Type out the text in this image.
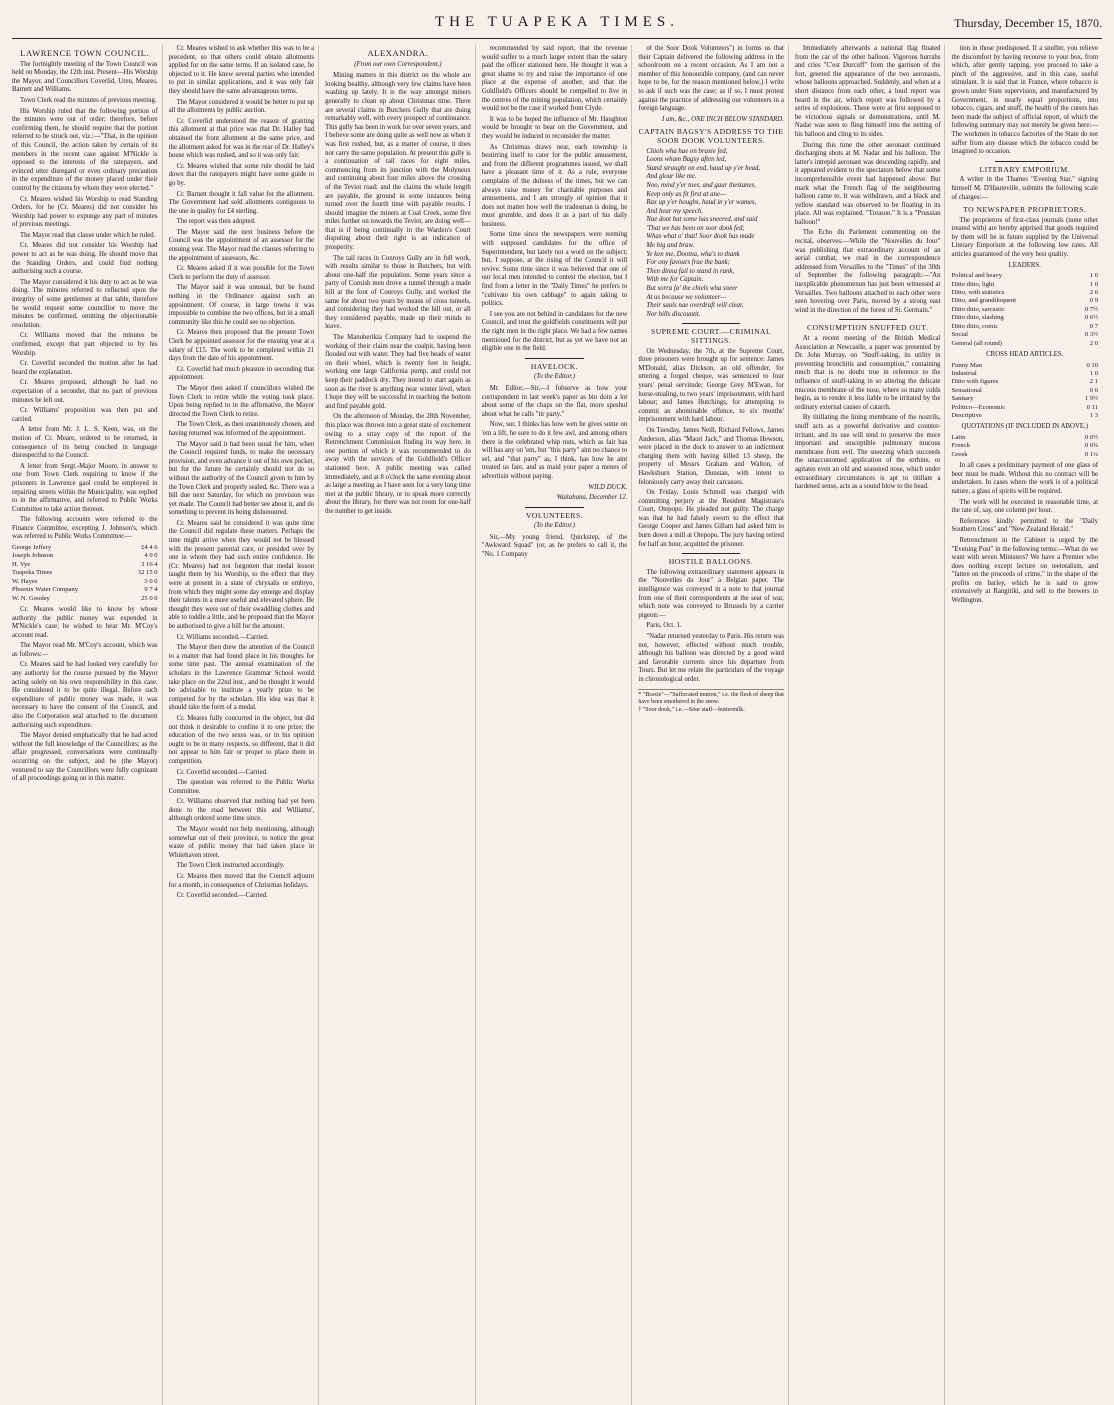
THE TUAPEKA TIMES.	Thursday, December 15, 1870.
LAWRENCE TOWN COUNCIL.

The fortnightly meeting of the Town Council was held on Monday, the 12th inst. Present—His Worship the Mayor, and Councillors Coverlid, Uren, Meares, Barnett and Williams.

Town Clerk read the minutes of previous meeting.

His Worship ruled that the following portion of the minutes were out of order; therefore, before confirming them, he should require that the portion referred to be struck out, viz.:—"That, in the opinion of this Council, the action taken by certain of its members in the recent case against M'Nickle is opposed to the interests of the ratepayers, and evinced utter disregard or even ordinary precaution in the expenditure of the money placed under their control by the citizens by whom they were elected."

Cr. Meares wished his Worship to read Standing Orders, for he (Cr. Meares) did not consider his Worship had power to expunge any part of minutes of previous meetings.

The Mayor read that clause under which he ruled.

Cr. Meares did not consider his Worship had power to act as he was doing. He should move that the Standing Orders, and could find nothing authorising such a course.

The Mayor considered it his duty to act as he was doing. The minutes referred to reflected upon the integrity of some gentlemen at that table, therefore he would request some councillor to move the minutes be confirmed, omitting the objectionable resolution.

Cr. Williams moved that the minutes be confirmed, except that part objected to by his Worship.

Cr. Coverlid seconded the motion after he had heard the explanation.

Cr. Meares proposed, although he had no expectation of a seconder, that no part of previous minutes be left out.

Cr. Williams' proposition was then put and carried.

A letter from Mr. J. L. S. Keen, was, on the motion of Cr. Meare, ordered to be returned, in consequence of its being couched in language disrespectful to the Council.

A letter from Sergt.-Major Moore, in answer to one from Town Clerk requiring to know if the prisoners in Lawrence gaol could be employed in repairing streets within the Municipality, was replied to in the affirmative, and referred to Public Works Committee to take action thereon.

The following accounts were referred to the Finance Committee, excepting J. Johnson's, which was referred to Public Works Committee:—

George Jeffery	£4 4 6
Joseph Johnson	4 0 0
H. Vye	3 16 4
Tuapeka Times	32 15 0
W. Hayes	3 0 0
Phoenix Water Company	9 7 4
W. N. Goodey	25 0 0

Cr. Meares would like to know by whose authority the public money was expended in M'Nickle's case; he wished to hear Mr. M'Coy's account read.

The Mayor read Mr. M'Coy's account, which was as follows:—

Cr. Meares said he had looked very carefully for any authority for the course pursued by the Mayor acting solely on his own responsibility in this case. He considered it to be quite illegal. Before such expenditure of public money was made, it was necessary to have the consent of the Council, and also the Corporation seal attached to the document authorising such expenditure.

The Mayor denied emphatically that he had acted without the full knowledge of the Councillors; as the affair progressed, conversations were continually occurring on the subject, and he (the Mayor) ventured to say the Councillors were fully cognizant of all proceedings going on in this matter.

Cr. Meares wished to ask whether this was to be a precedent, so that others could obtain allotments applied for on the same terms. If an isolated case, he objected to it. He knew several parties who intended to put in similar applications, and it was only fair they should have the same advantageous terms.

The Mayor considered it would be better to put up all the allotments by public auction.

Cr. Coverlid understood the reason of granting this allotment at that price was that Dr. Halley had obtained the front allotment at the same price, and the allotment asked for was in the rear of Dr. Halley's house which was rushed, and so it was only fair.

Cr. Meares wished that some rule should be laid down that the ratepayers might have some guide to go by.

Cr. Barnett thought it fall value for the allotment. The Government had sold allotments contiguous to the one in quality for £4 sterling.

The report was then adopted.

The Mayor said the next business before the Council was the appointment of an assessor for the ensuing year. The Mayor read the clauses referring to the appointment of assessors, &c.

Cr. Meares asked if it was possible for the Town Clerk to perform the duty of assessor.

The Mayor said it was unusual, but he found nothing in the Ordinance against such an appointment. Of course, in large towns it was impossible to combine the two offices, but in a small community like this he could see no objection.

Cr. Meares then proposed that the present Town Clerk be appointed assessor for the ensuing year at a salary of £15. The work to be completed within 21 days from the date of his appointment.

Cr. Coverlid had much pleasure in seconding that appointment.

The Mayor then asked if councillors wished the Town Clerk to retire while the voting took place. Upon being replied to in the affirmative, the Mayor directed the Town Clerk to retire.

The Town Clerk, as then unanimously chosen, and having returned was informed of the appointment.

The Mayor said it had been usual for him, when the Council required funds, to make the necessary provision, and even advance it out of his own pocket, but for the future he certainly should not do so without the authority of the Council given to him by the Town Clerk and properly sealed, &c. There was a bill due next Saturday, for which no provision was yet made. The Council had better see about it, and do something to prevent its being dishonoured.

Cr. Meares said he considered it was quite time the Council did regulate these matters. Perhaps the time might arrive when they would not be blessed with the present parental care, or presided over by one in whom they had such entire confidence. He (Cr. Meares) had not forgotten that medal lesson taught them by his Worship, to the effect that they were at present in a state of chrysalis or embryo, from which they might some day emerge and display their talents in a more useful and elevated sphere. He thought they were out of their swaddling clothes and able to toddle a little, and he proposed that the Mayor be authorised to give a bill for the amount.

Cr. Williams seconded.—Carried.

The Mayor then drew the attention of the Council to a matter that had found place in his thoughts for some time past. The annual examination of the scholars in the Lawrence Grammar School would take place on the 22nd inst., and he thought it would be advisable to institute a yearly prize to be competed for by the scholars. His idea was that it should take the form of a medal.

Cr. Meares fully concurred in the object, but did not think it desirable to confine it to one prize; the education of the two sexes was, or in his opinion ought to be in many respects, so different, that it did not appear to him fair or proper to place them in competition.

Cr. Coverlid seconded.—Carried.

The question was referred to the Public Works Committee.

Cr. Williams observed that nothing had yet been done to the road between this and Williams', although ordered some time since.

The Mayor would not help mentioning, although somewhat out of their province, to notice the great waste of public money that had taken place in Whitehaven street.

The Town Clerk instructed accordingly.

Cr. Meares then moved that the Council adjourn for a month, in consequence of Christmas holidays.

Cr. Coverlid seconded.—Carried.

ALEXANDRA.
(From our own Correspondent.)

Mining matters in this district on the whole are looking healthy, although very few claims have been washing up lately. It is the way amongst miners generally to clean up about Christmas time. There are several claims in Butchers Gully that are doing remarkably well, with every prospect of continuance. This gully has been in work for over seven years, and I believe some are doing quite as well now as when it was first rushed, but, as a matter of course, it does not carry the same population. At present this gully is a continuation of tail races for eight miles, commencing from its junction with the Molyneux and continuing about four miles above the crossing of the Teviot road; and the claims the whole length are payable, the ground in some instances being turned over the fourth time with payable results. I should imagine the miners at Coal Creek, some five miles further on towards the Teviot, are doing well—that is if being continually in the Warden's Court disputing about their right is an indication of prosperity.

The tail races in Conroys Gully are in full work, with results similar to those in Butchers, but with about one-half the population. Some years since a party of Cornish men drove a tunnel through a made hill at the foot of Conroys Gully, and worked the same for about two years by means of cross tunnels, and considering they had worked the hill out, or all they considered payable, made up their minds to leave.

The Manuherikia Company had to suspend the working of their claim near the coalpit, having been flooded out with water. They had five heads of water on their wheel, which is twenty feet in height, working one large California pump, and could not keep their paddock dry. They intend to start again as soon as the river is anything near winter level, when I hope they will be successful in reaching the bottom and find payable gold.

On the afternoon of Monday, the 28th November, this place was thrown into a great state of excitement owing to a stray copy of the report of the Retrenchment Commission finding its way here, in one portion of which it was recommended to do away with the services of the Goldfield's Officer stationed here. A public meeting was called immediately, and at 8 o'clock the same evening about as large a meeting as I have seen for a very long time met at the public library, or to speak more correctly about the library, for there was not room for one-half the number to get inside.

recommended by said report, that the revenue would suffer to a much larger extent than the salary paid the officer stationed here. He thought it was a great shame to try and raise the importance of one place at the expense of another, and that the Goldfield's Officers should be compelled to live in the centres of the mining population, which certainly would not be the case if worked from Clyde.

It was to be hoped the influence of Mr. Haughton would be brought to bear on the Government, and they would be induced to reconsider the matter.

As Christmas draws near, each township is bestirring itself to cater for the public amusement, and from the different programmes issued, we shall have a pleasant time of it. As a rule, everyone complains of the dulness of the times, but we can always raise money for charitable purposes and amusements, and I am strongly of opinion that it does not matter how well the tradesman is doing, he must grumble, and does it as a part of his daily business.

Some time since the newspapers were teeming with supposed candidates for the office of Superintendent, but lately not a word on the subject; but, I suppose, at the rising of the Council it will revive. Some time since it was believed that one of our local men intended to contest the election, but I find from a letter in the "Daily Times" he prefers to "cultivate his own cabbage" to again taking to politics.

I see you are not behind in candidates for the new Council, and trust the goldfields constituents will put the right men in the right place. We had a few names mentioned for the district, but as yet we have not an eligible one in the field.

HAVELOCK.
(To the Editor.)

Mr. Editor,—Sir,—I fobserve as how your corrispondent in last week's paper as bin doin a lot about some of the chaps on the flat, more speshul about what he calls "tir party."

Now, sur, I thinks has how wen he gives some on 'em a lift, he sure to do it few awl, and among others there is the celebrated whip nuts, which as fair has will has any on 'em, but "this party" aint no chance to sel, and "that party" as, I think, has how he aint treated us fare, and as maid your paper a menes of advertisin without paying.

WILD DUCK.

Waitahuna, December 12.

VOLUNTEERS.
(To the Editor.)

Sir,—My young friend, Quickstep, of the "Awkward Squad" (or, as he prefers to call it, the "No. 1 Company

of the Soor Dook Volunteers") in forms us that their Captain delivered the following address in the schoolroom on a recent occasion. As I am not a member of this honourable company, (and can never hope to be, for the reason mentioned below,) I write to ask if such was the case; as if so, I must protest against the practice of addressing our volunteers in a foreign language.

I am, &c., ONE INCH BELOW STANDARD.

CAPTAIN BAGSY'S ADDRESS TO THE SOOR DOOK VOLUNTEERS.
Chiels wha hae on braxie fed,
Loons wham Bagsy aften led,
Stand straught on end, haud up y'er head,
And glour like me.
Noo, mind y'er toes, and gaur thestanes,
Keep only as fit first at ane—
Rax up y'er houghs, haud in y'er wames,
And hear my speech.
Nae doot but some has sneered, and said
'That we has been on soor dook fed;
Whas what o' that! Soor dook has made
Me big and braw.
Ye ken me, Dootna, wha's to thank
For ony favours frae the bank;
Then dinna fail to stand in rank,
With me for Captain.
But sorra fa' the chiels wha sneer
At us because we volunteer—
Their sauls nae overdraft will clear,
Nor bills discountit.
SUPREME COURT.—CRIMINAL SITTINGS.

On Wednesday, the 7th, at the Supreme Court, three prisoners were brought up for sentence: James M'Donald, alias Dickson, an old offender, for uttering a forged cheque, was sentenced to four years' penal servitude; George Grey M'Ewan, for horse-stealing, to two years' imprisonment, with hard labour; and James Hutchings, for attempting to commit an abominable offence, to six months' imprisonment with hard labour.

On Tuesday, James Neill, Richard Fellows, James Anderson, alias "Maori Jack," and Thomas Hewson, were placed in the dock to answer to an indictment charging them with having killed 13 sheep, the property of Messrs Graham and Walton, of Hawksburn Station, Dunstan, with intent to feloniously carry away their carcasses.

On Friday, Louis Schmoll was charged with committing perjury at the Resident Magistrate's Court, Otepopo. He pleaded not guilty. The charge was that he had falsely sworn to the effect that George Cooper and James Gillam had asked him to burn down a mill at Otepopo. The jury having retired for half an hour, acquitted the prisoner.

HOSTILE BALLOONS.

The following extraordinary statement appears in the "Nouvelles du Jour" a Belgian paper. The intelligence was conveyed in a note to that journal from one of their correspondents at the seat of war, which note was conveyed to Brussels by a carrier pigeon:—

Paris, Oct. 1.

"Nadar returned yesterday to Paris. His return was not, however, effected without much trouble, although his balloon was directed by a good wind and favorable currents since his departure from Tours. But let me relate the particulars of the voyage in chronological order.

* "Braxie"—"Suffocated mutton," i.e. the flesh of sheep that have been smothered in the snow.
† "Soor dook," i.e.—Sour staff—buttermilk.

Immediately afterwards a national flag floated from the car of the other balloon. Vigorous hurrahs and cries "C'est Durcuff" from the garrison of the fort, greeted the appearance of the two aeronauts, whose balloons approached. Suddenly, and when at a short distance from each other, a loud report was heard in the air, which report was followed by a series of explosions. These were at first supposed to be victorious signals or demonstrations, until M. Nadar was seen to fling himself into the netting of his balloon and cling to its sides.

During this time the other aeronaut continued discharging shots at M. Nadar and his balloon. The latter's intrepid aeronaut was descending rapidly, and it appeared evident to the spectators below that some incomprehensible event had happened above. But mark what the French flag of the neighbouring balloon came to. It was withdrawn, and a black and yellow standard was observed to be floating in its place. All was explained. "Treason." It is a "Prussian balloon!"

The Echo du Parlement commenting on the recital, observes:—While the "Nouvelles du Jour" was publishing that extraordinary account of an aerial combat, we read in the correspondence addressed from Versailles to the "Times" of the 30th of September the following paragraph:—"An inexplicable phenomenon has just been witnessed at Versailles. Two balloons attached to each other were seen hovering over Paris, moved by a strong east wind in the direction of the forest of St. Germain."

CONSUMPTION SNUFFED OUT.

At a recent meeting of the British Medical Association at Newcastle, a paper was presented by Dr. John Murray, on "Snuff-taking, its utility in preventing bronchitis and consumption," containing much that is no doubt true in reference to the influence of snuff-taking in so altering the delicate mucous membrane of the nose, where so many colds begin, as to render it less liable to be irritated by the ordinary external causes of catarrh.

By titillating the lining membrane of the nostrils, snuff acts as a powerful derivative and counter-irritant, and its use will tend to preserve the more important and susceptible pulmonary mucous membrane from evil. The sneezing which succeeds the unaccustomed application of the errhine, or agitates even an old and seasoned nose, which under extraordinary circumstances is apt to titillate a hardened sense, acts as a sound blow to the head.

tion in those predisposed. If a snuffer, you relieve the discomfort by having recourse to your box, from which, after gently tapping, you proceed to take a pinch of the aggressive, and in this case, useful stimulant. It is said that in France, where tobacco is grown under State supervision, and manufactured by Government, in nearly equal proportions, into tobacco, cigars, and snuff, the health of the curers has been made the subject of official report, of which the following summary may not merely be given here:—The workmen in tobacco factories of the State do not suffer from any disease which the tobacco could be imagined to occasion.

LITERARY EMPORIUM.

A writer in the Thames "Evening Star," signing himself M. D'Hauteville, submits the following scale of charges:—

TO NEWSPAPER PROPRIETORS.

The proprietors of first-class journals (none other treated with) are hereby apprised that goods required by them will be in future supplied by the Universal Literary Emporium at the following low rates. All articles guaranteed of the very best quality.

LEADERS.

Political and heavy	1 6
Ditto ditto, light	1 0
Ditto, with statistics	2 6
Ditto, and grandiloquent	0 9
Ditto ditto, sarcastic	0 7½
Ditto ditto, slashing	0 6½
Ditto ditto, comic	0 7
Social	0 3½
General (all round)	2 0

CROSS HEAD ARTICLES.

Funny Man	0 10
Industrial	1 0
Ditto with figures	2 1
Sensational	0 6
Sanitary	1 9½
Politico—Economic	0 11
Descriptive	1 3

QUOTATIONS (IF INCLUDED IN ABOVE.)

Latin	0 0½
French	0 0¾
Greek	0 1¼

In all cases a preliminary payment of one glass of beer must be made. Without this no contract will be undertaken. In cases where the work is of a political nature, a glass of spirits will be required.

The work will be executed in reasonable time, at the rate of, say, one column per hour.

References kindly permitted to the "Daily Southern Cross" and "New Zealand Herald."

Retrenchment in the Cabinet is urged by the "Evening Post" in the following terms:—What do we want with seven Ministers? We have a Premier who does nothing except lecture on teetotalism, and "fatten on the proceeds of crime," in the shape of the profits on barley, which he is said to grow extensively at Rangitiki, and sell to the brewers in Wellington.
